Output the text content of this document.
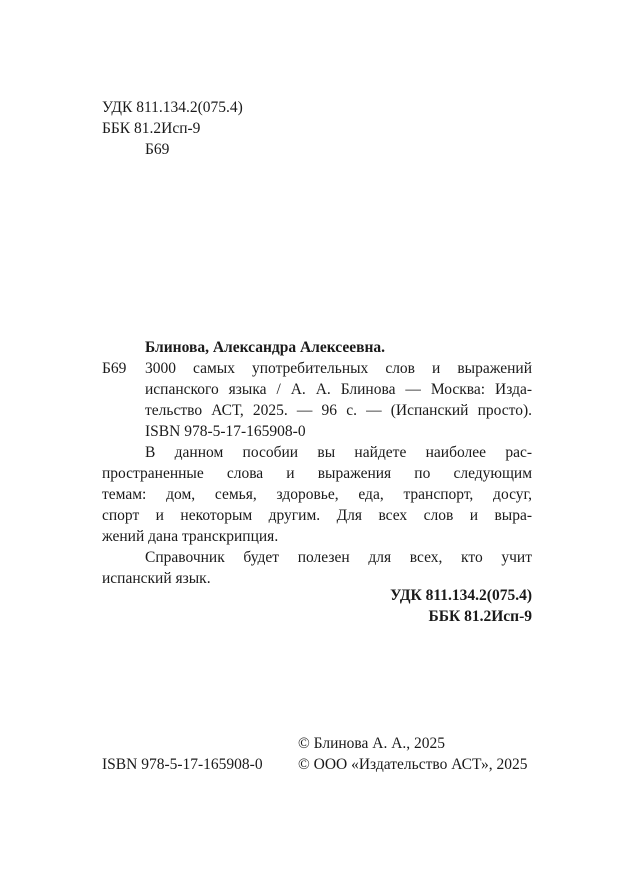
УДК 811.134.2(075.4)
ББК 81.2Исп-9
Б69
Блинова, Александра Алексеевна.
Б69 3000 самых употребительных слов и выражений
испанского языка / А. А. Блинова — Москва: Изда-
тельство АСТ, 2025. — 96 с. — (Испанский просто).
ISBN 978-5-17-165908-0
В данном пособии вы найдете наиболее рас-
пространенные слова и выражения по следующим
темам: дом, семья, здоровье, еда, транспорт, досуг,
спорт и некоторым другим. Для всех слов и выра-
жений дана транскрипция.
Справочник будет полезен для всех, кто учит
испанский язык.
УДК 811.134.2(075.4)
ББК 81.2Исп-9
ISBN 978-5-17-165908-0
© Блинова А. А., 2025
© ООО «Издательство АСТ», 2025
